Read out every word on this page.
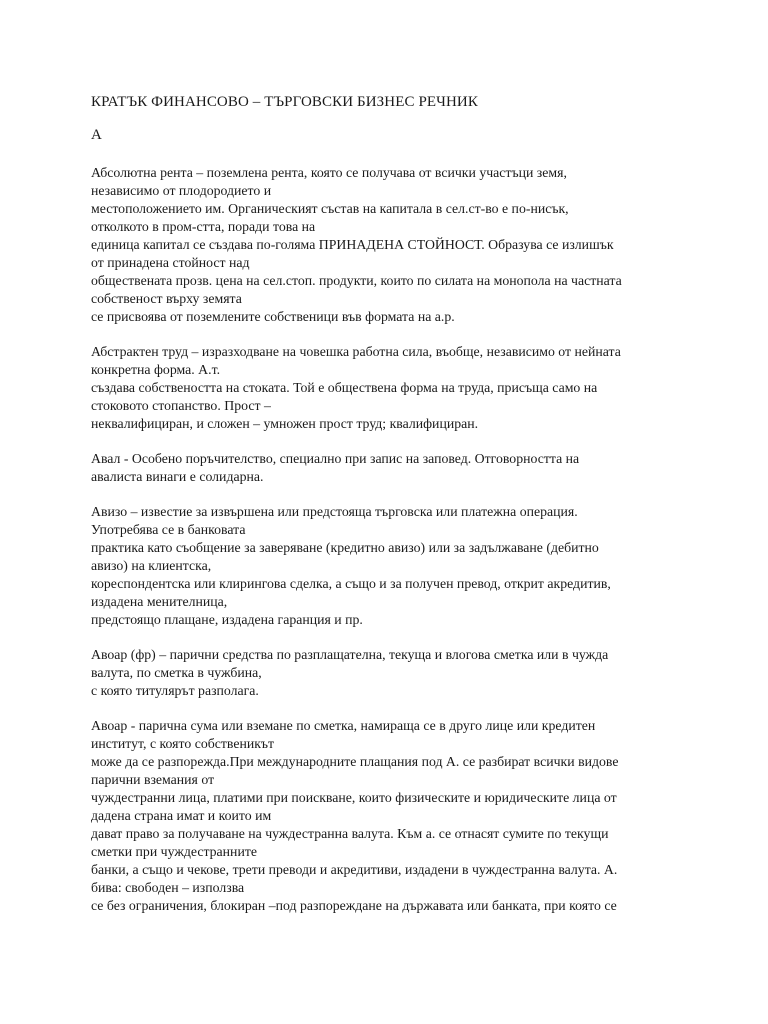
КРАТЪК ФИНАНСОВО – ТЪРГОВСКИ БИЗНЕС РЕЧНИК
А
Абсолютна рента – поземлена рента, която се получава от всички участъци земя,
независимо от плодородието и
местоположението им. Органическият състав на капитала в сел.ст-во е по-нисък,
отколкото в пром-стта, поради това на
единица капитал се създава по-голяма ПРИНАДЕНА СТОЙНОСТ. Образува се излишък
от принадена стойност над
обществената прозв. цена на сел.стоп. продукти, които по силата на монопола на частната
собственост върху земята
се присвоява от поземлените собственици във формата на а.р.
Абстрактен труд – изразходване на човешка работна сила, въобще, независимо от нейната
конкретна форма. А.т.
създава собствеността на стоката. Той е обществена форма на труда, присъща само на
стоковото стопанство. Прост –
неквалифициран, и сложен – умножен прост труд; квалифициран.
Авал - Особено поръчителство, специално при запис на заповед. Отговорността на
авалиста винаги е солидарна.
Авизо – известие за извършена или предстояща търговска или платежна операция.
Употребява се в банковата
практика като съобщение за заверяване (кредитно авизо) или за задължаване (дебитно
авизо) на клиентска,
кореспондентска или клирингова сделка, а също и за получен превод, открит акредитив,
издадена менителница,
предстоящо плащане, издадена гаранция и пр.
Авоар (фр) – парични средства по разплащателна, текуща и влогова сметка или в чужда
валута, по сметка в чужбина,
с която титулярът разполага.
Авоар - парична сума или вземане по сметка, намираща се в друго лице или кредитен
институт, с която собственикът
може да се разпорежда.При международните плащания под А. се разбират всички видове
парични вземания от
чуждестранни лица, платими при поискване, които физическите и юридическите лица от
дадена страна имат и които им
дават право за получаване на чуждестранна валута. Към а. се отнасят сумите по текущи
сметки при чуждестранните
банки, а също и чекове, трети преводи и акредитиви, издадени в чуждестранна валута. А.
бива: свободен – използва
се без ограничения, блокиран –под разпореждане на държавата или банката, при която се
